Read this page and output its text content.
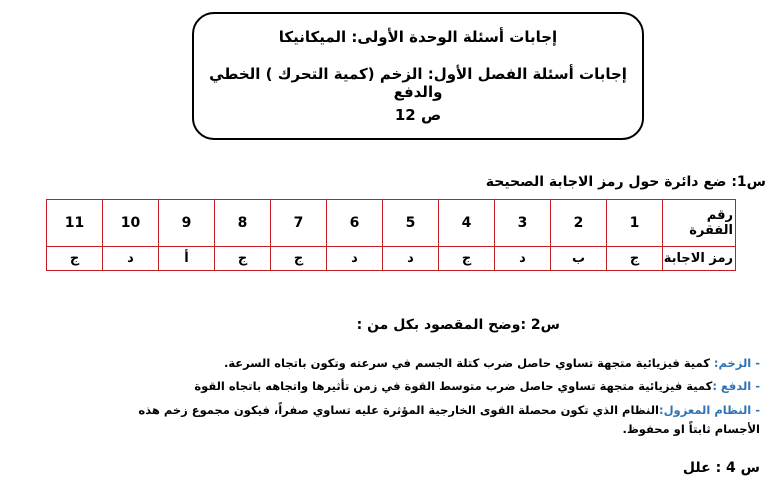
إجابات أسئلة الوحدة الأولى: الميكانيكا
إجابات أسئلة الفصل الأول: الزخم (كمية التحرك ) الخطي والدفع
ص 12
س1: ضع دائرة حول رمز الاجابة الصحيحة
رقم الفقرة	1	2	3	4	5	6	7	8	9	10	11
رمز الاجابة	ج	ب	د	ج	د	د	ج	ج	أ	د	ج
س2 :وضح المقصود بكل من :
- الزخم: كمية فيزيائية متجهة تساوي حاصل ضرب كتلة الجسم في سرعته وتكون باتجاه السرعة.
- الدفع :كمية فيزيائية متجهة تساوي حاصل ضرب متوسط القوة في زمن تأثيرها واتجاهه باتجاه القوة
- النظام المعزول:النظام الذي تكون محصلة القوى الخارجية المؤثرة عليه تساوي صفراً، فيكون مجموع زخم هذه الأجسام ثابتاً او محفوظ.
س 4 : علل
